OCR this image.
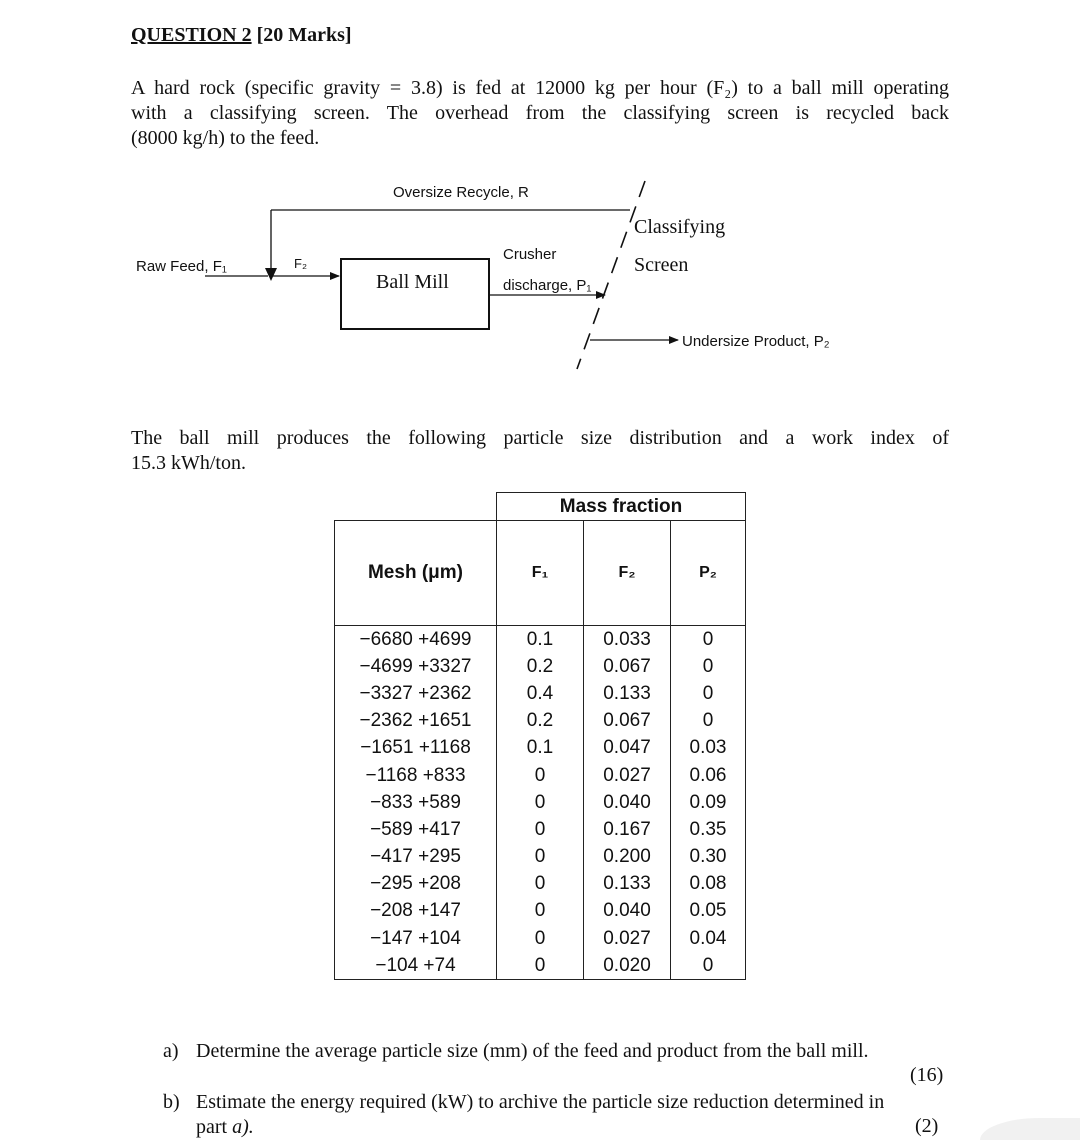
QUESTION 2 [20 Marks]
A hard rock (specific gravity = 3.8) is fed at 12000 kg per hour (F₂) to a ball mill operating
with a classifying screen. The overhead from the classifying screen is recycled back
(8000 kg/h) to the feed.
Oversize Recycle, R
Raw Feed, F₁	F₂
Ball Mill
Crusher
discharge, P₁
Classifying
Screen
Undersize Product, P₂
The ball mill produces the following particle size distribution and a work index of
15.3 kWh/ton.
	Mass fraction		
Mesh (μm)	F₁	F₂	P₂
−6680 +4699	0.1	0.033	0
−4699 +3327	0.2	0.067	0
−3327 +2362	0.4	0.133	0
−2362 +1651	0.2	0.067	0
−1651 +1168	0.1	0.047	0.03
−1168 +833	0	0.027	0.06
−833 +589	0	0.040	0.09
−589 +417	0	0.167	0.35
−417 +295	0	0.200	0.30
−295 +208	0	0.133	0.08
−208 +147	0	0.040	0.05
−147 +104	0	0.027	0.04
−104 +74	0	0.020	0
a) Determine the average particle size (mm) of the feed and product from the ball mill.
(16)
b) Estimate the energy required (kW) to archive the particle size reduction determined in
part a).	(2)
